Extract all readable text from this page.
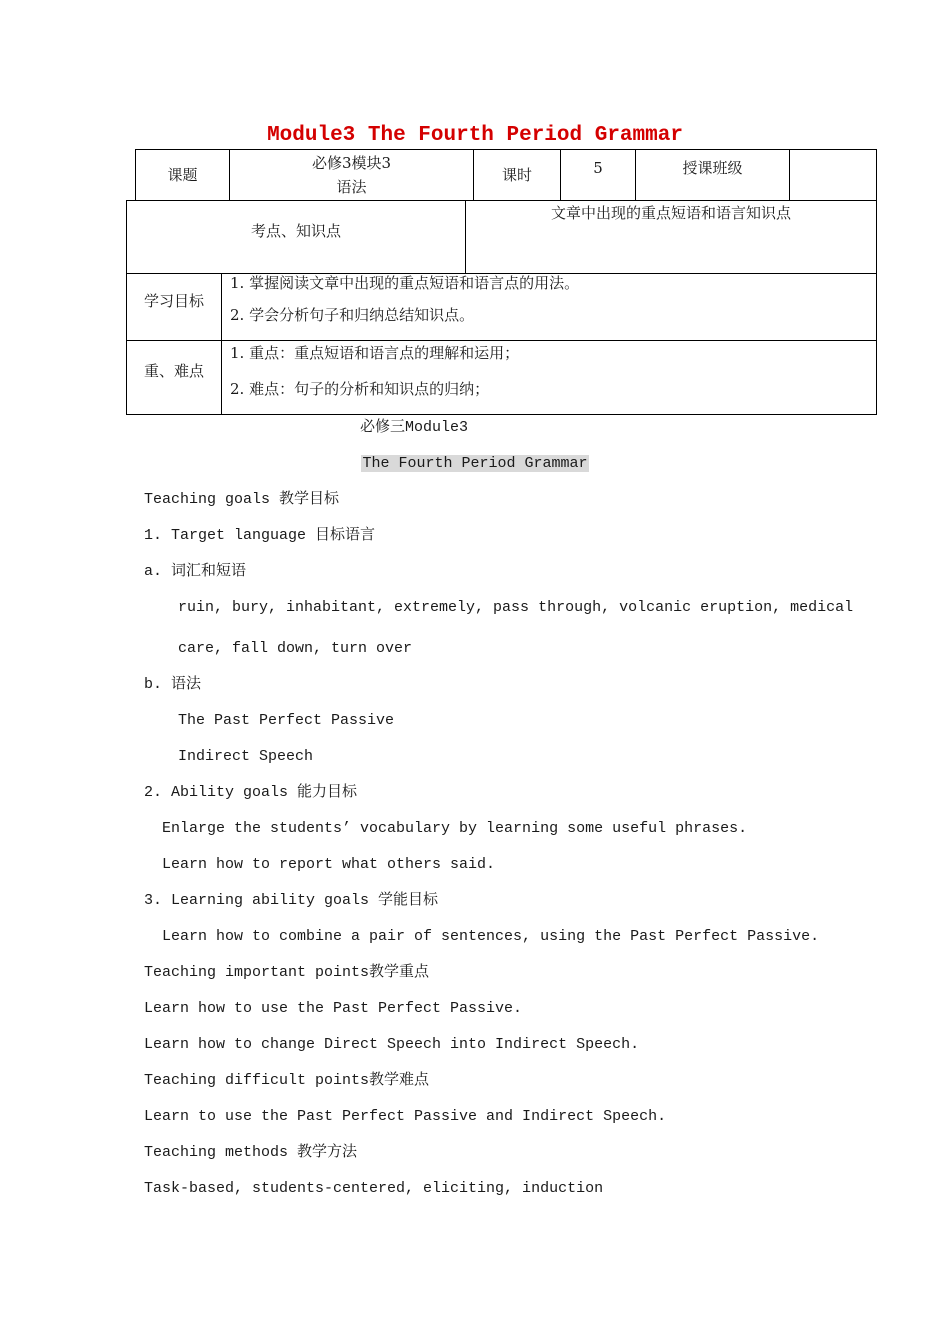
Module3 The Fourth Period Grammar
课题
必修3模块3
语法
课时	5	授课班级
考点、知识点
文章中出现的重点短语和语言知识点
学习目标
1. 掌握阅读文章中出现的重点短语和语言点的用法。
2. 学会分析句子和归纳总结知识点。
重、难点
1. 重点：重点短语和语言点的理解和运用；
2. 难点：句子的分析和知识点的归纳；
必修三Module3
The Fourth Period Grammar
Teaching goals 教学目标
1. Target language 目标语言
a. 词汇和短语
ruin, bury, inhabitant, extremely, pass through, volcanic eruption, medical
care, fall down, turn over
b. 语法
The Past Perfect Passive
Indirect Speech
2. Ability goals 能力目标
Enlarge the students’ vocabulary by learning some useful phrases.
Learn how to report what others said.
3. Learning ability goals 学能目标
Learn how to combine a pair of sentences, using the Past Perfect Passive.
Teaching important points教学重点
Learn how to use the Past Perfect Passive.
Learn how to change Direct Speech into Indirect Speech.
Teaching difficult points教学难点
Learn to use the Past Perfect Passive and Indirect Speech.
Teaching methods 教学方法
Task-based, students-centered, eliciting, induction
